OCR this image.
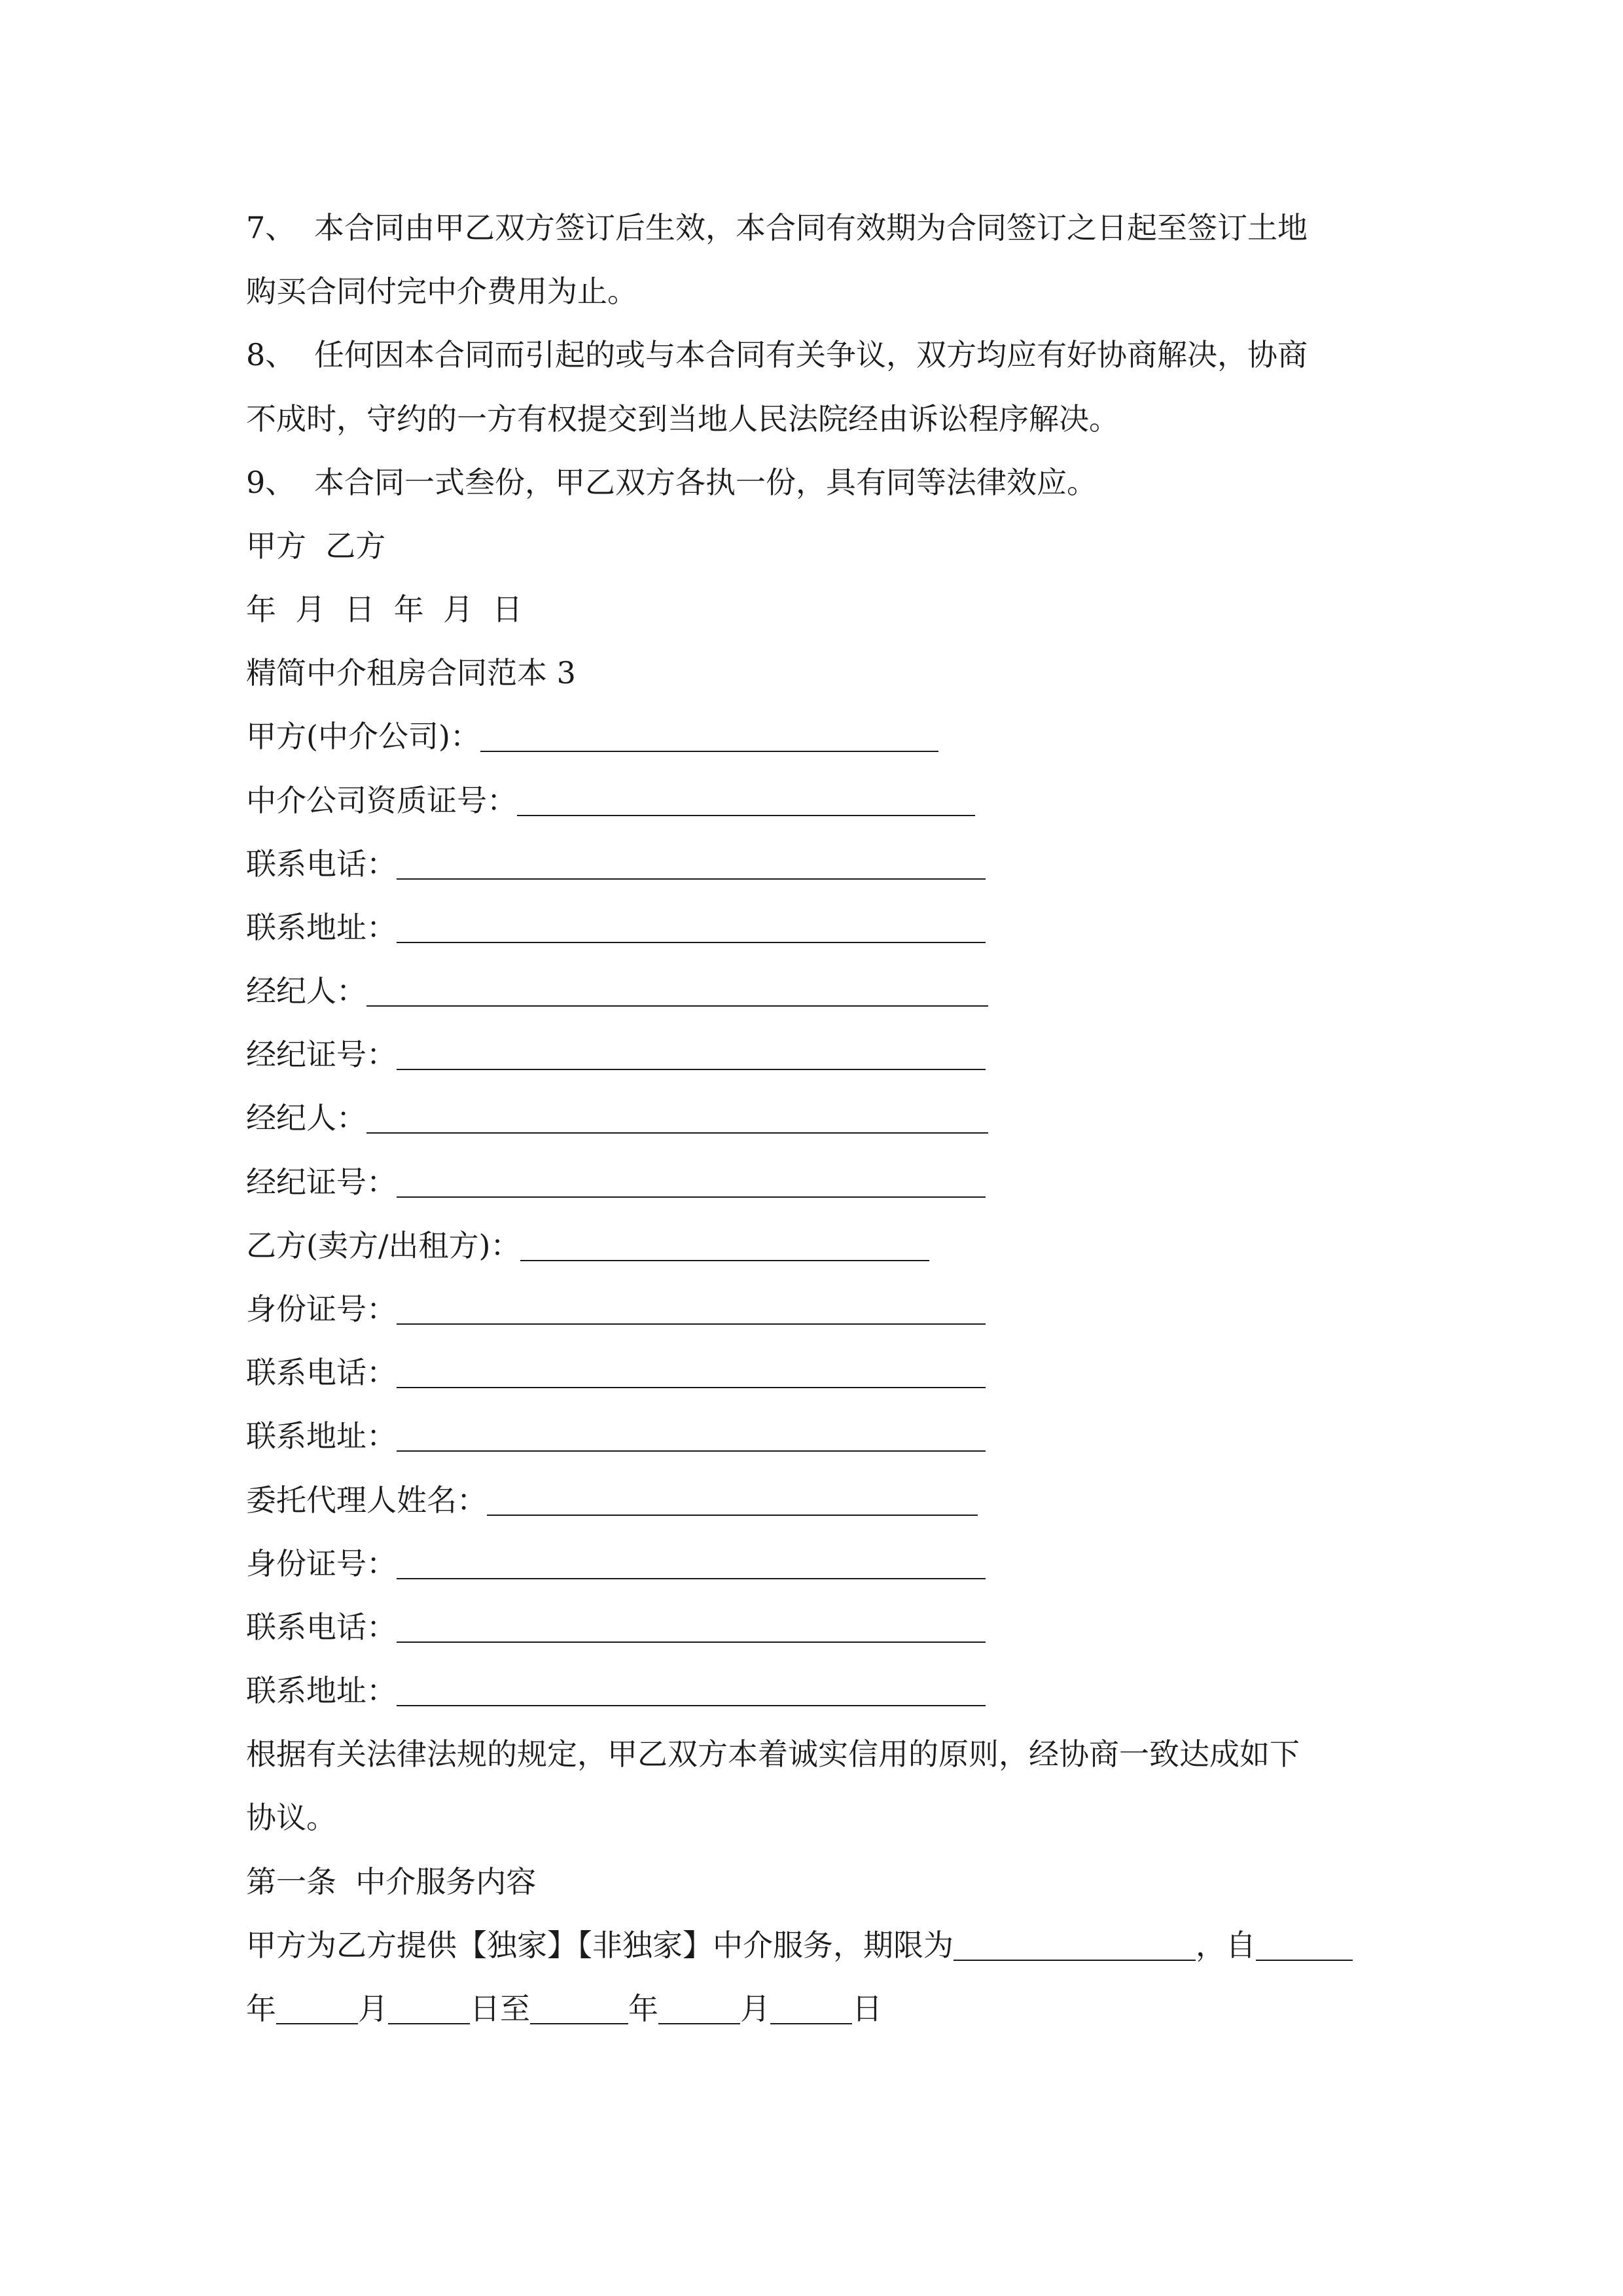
7、 本合同由甲乙双方签订后生效，本合同有效期为合同签订之日起至签订土地
购买合同付完中介费用为止。
8、 任何因本合同而引起的或与本合同有关争议，双方均应有好协商解决，协商
不成时，守约的一方有权提交到当地人民法院经由诉讼程序解决。
9、 本合同一式叁份，甲乙双方各执一份，具有同等法律效应。
甲方  乙方
年  月  日  年  月  日
精简中介租房合同范本 3
甲方(中介公司)：
中介公司资质证号：
联系电话：
联系地址：
经纪人：
经纪证号：
经纪人：
经纪证号：
乙方(卖方/出租方)：
身份证号：
联系电话：
联系地址：
委托代理人姓名：
身份证号：
联系电话：
联系地址：
根据有关法律法规的规定，甲乙双方本着诚实信用的原则，经协商一致达成如下
协议。
第一条  中介服务内容
甲方为乙方提供【独家】【非独家】中介服务，期限为	，自
年	月	日至	年	月	日
